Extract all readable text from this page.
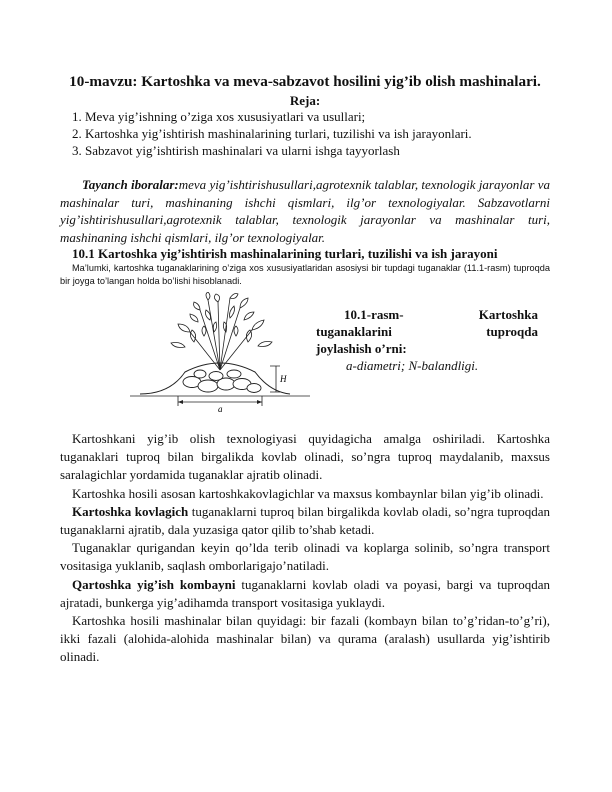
10-mavzu: Kartoshka va meva-sabzavot hosilini yig’ib olish mashinalari.
Reja:
1. Meva yig’ishning o’ziga xos xususiyatlari va usullari;
2. Kartoshka yig’ishtirish mashinalarining turlari, tuzilishi va ish jarayonlari.
3. Sabzavot yig’ishtirish mashinalari va ularni ishga tayyorlash
Tayanch iboralar:meva yig’ishtirishusullari,agrotexnik talablar, texnologik jarayonlar va mashinalar turi, mashinaning ishchi qismlari, ilg’or texnologiyalar. Sabzavotlarni yig’ishtirishusullari,agrotexnik talablar, texnologik jarayonlar va mashinalar turi, mashinaning ishchi qismlari, ilg’or texnologiyalar.
10.1 Kartoshka yig’ishtirish mashinalarining turlari, tuzilishi va ish jarayoni
Ma’lumki, kartoshka tuganaklarining o’ziga xos xususiyatlaridan asosiysi bir tupdagi tuganaklar (11.1-rasm) tuproqda bir joyga to’langan holda bo’lishi hisoblanadi.
a
H
10.1-rasm-	Kartoshka
tuganaklarini	tuproqda
joylashish o’rni:
a-diametri; N-balandligi.

Kartoshkani yig’ib olish texnologiyasi quyidagicha amalga oshiriladi. Kartoshka tuganaklari tuproq bilan birgalikda kovlab olinadi, so’ngra tuproq maydalanib, maxsus saralagichlar yordamida tuganaklar ajratib olinadi.

Kartoshka hosili asosan kartoshkakovlagichlar va maxsus kombaynlar bilan yig’ib olinadi.

Kartoshka kovlagich tuganaklarni tuproq bilan birgalikda kovlab oladi, so’ngra tuproqdan tuganaklarni ajratib, dala yuzasiga qator qilib to’shab ketadi.

Tuganaklar qurigandan keyin qo’lda terib olinadi va koplarga solinib, so’ngra transport vositasiga yuklanib, saqlash omborlarigajo’natiladi.

Qartoshka yig’ish kombayni tuganaklarni kovlab oladi va poyasi, bargi va tuproqdan ajratadi, bunkerga yig’adihamda transport vositasiga yuklaydi.

Kartoshka hosili mashinalar bilan quyidagi: bir fazali (kombayn bilan to’g’ridan-to’g’ri), ikki fazali (alohida-alohida mashinalar bilan) va qurama (aralash) usullarda yig’ishtirib olinadi.
